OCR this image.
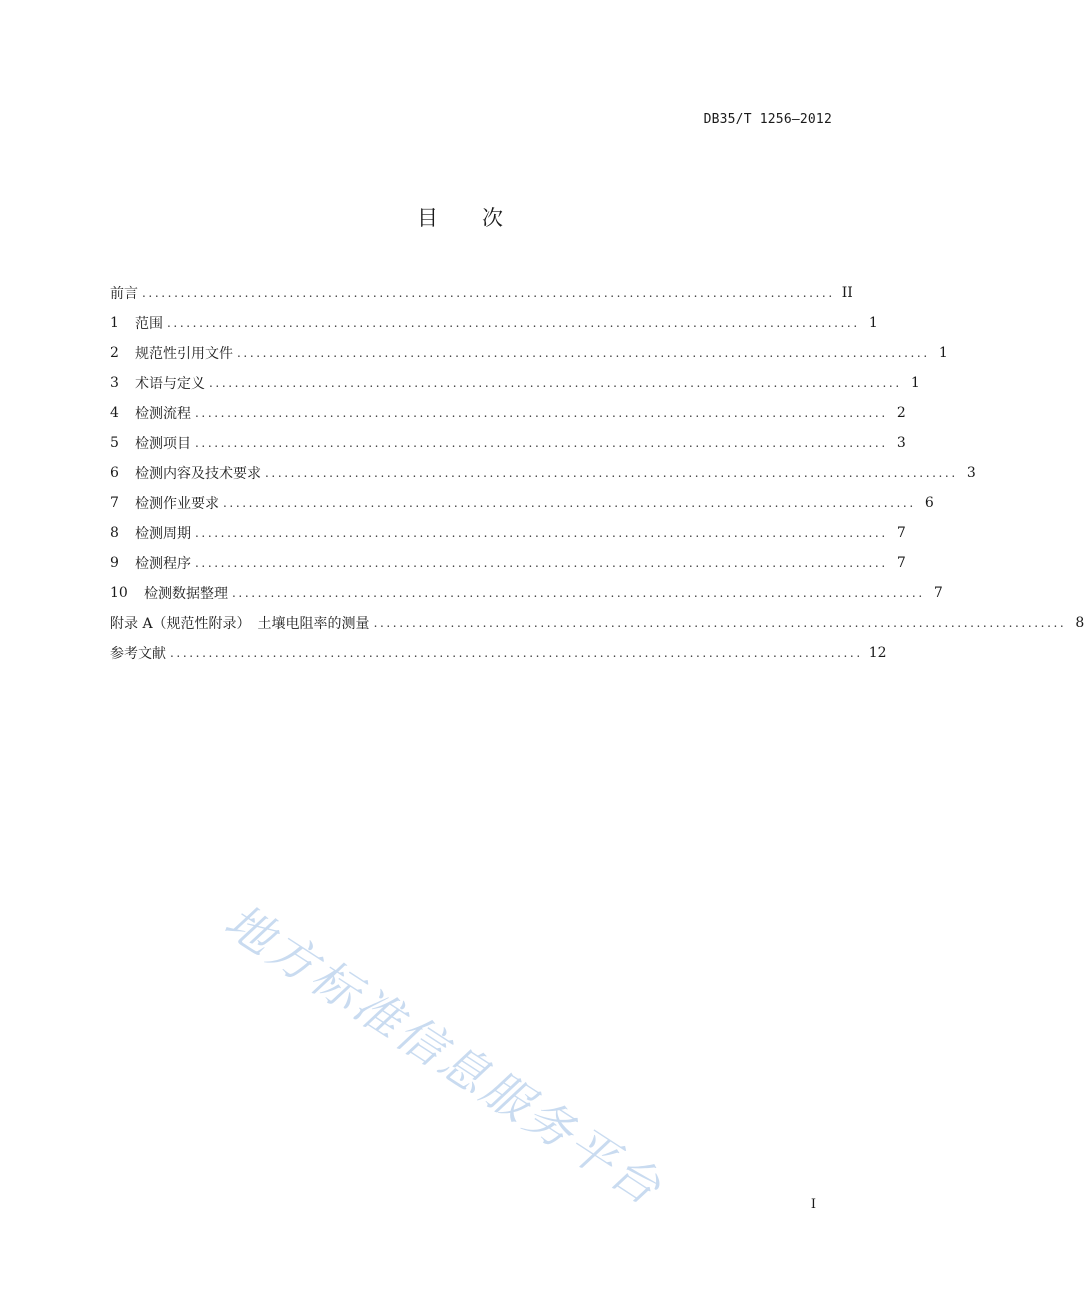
DB35/T 1256—2012
目 次
前言 ............................................................................................................ II
1	范围 ............................................................................................................ 1
2	规范性引用文件 ............................................................................................................ 1
3	术语与定义 ............................................................................................................ 1
4	检测流程 ............................................................................................................ 2
5	检测项目 ............................................................................................................ 3
6	检测内容及技术要求 ............................................................................................................ 3
7	检测作业要求 ............................................................................................................ 6
8	检测周期 ............................................................................................................ 7
9	检测程序 ............................................................................................................ 7
10	检测数据整理 ............................................................................................................ 7
附录 A（规范性附录）　土壤电阻率的测量 ............................................................................................................ 8
参考文献 ............................................................................................................ 12
地方标准信息服务平台	I
